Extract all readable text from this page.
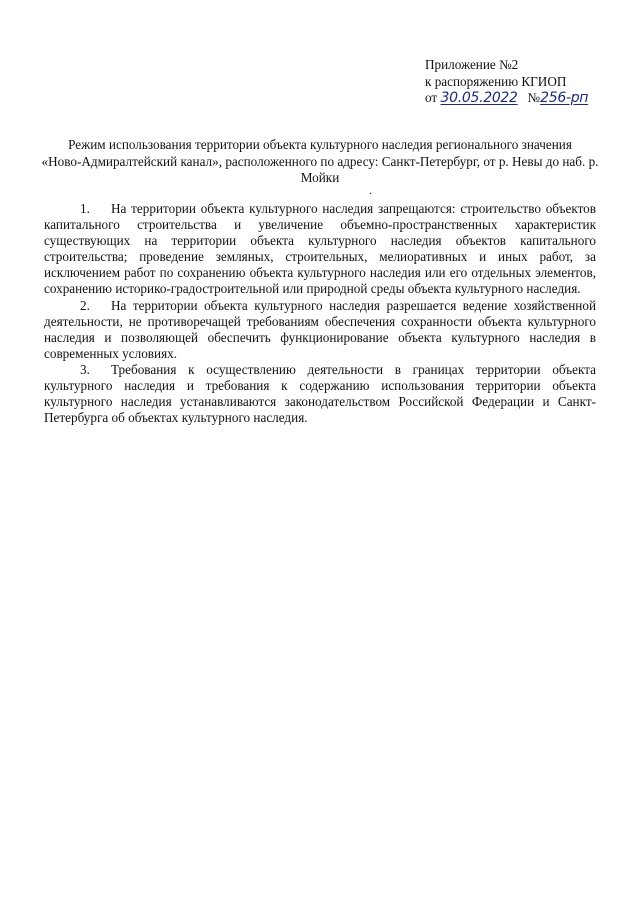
Приложение №2
к распоряжению КГИОП
от 30.05.2022 №256-рп
Режим использования территории объекта культурного наследия регионального значения
«Ново-Адмиралтейский канал», расположенного по адресу: Санкт-Петербург, от р. Невы до наб. р.
Мойки
.

1. На территории объекта культурного наследия запрещаются: строительство объектов капитального строительства и увеличение объемно-пространственных характеристик существующих на территории объекта культурного наследия объектов капитального строительства; проведение земляных, строительных, мелиоративных и иных работ, за исключением работ по сохранению объекта культурного наследия или его отдельных элементов, сохранению историко-градостроительной или природной среды объекта культурного наследия.

2. На территории объекта культурного наследия разрешается ведение хозяйственной деятельности, не противоречащей требованиям обеспечения сохранности объекта культурного наследия и позволяющей обеспечить функционирование объекта культурного наследия в современных условиях.

3. Требования к осуществлению деятельности в границах территории объекта культурного наследия и требования к содержанию использования территории объекта культурного наследия устанавливаются законодательством Российской Федерации и Санкт-Петербурга об объектах культурного наследия.
